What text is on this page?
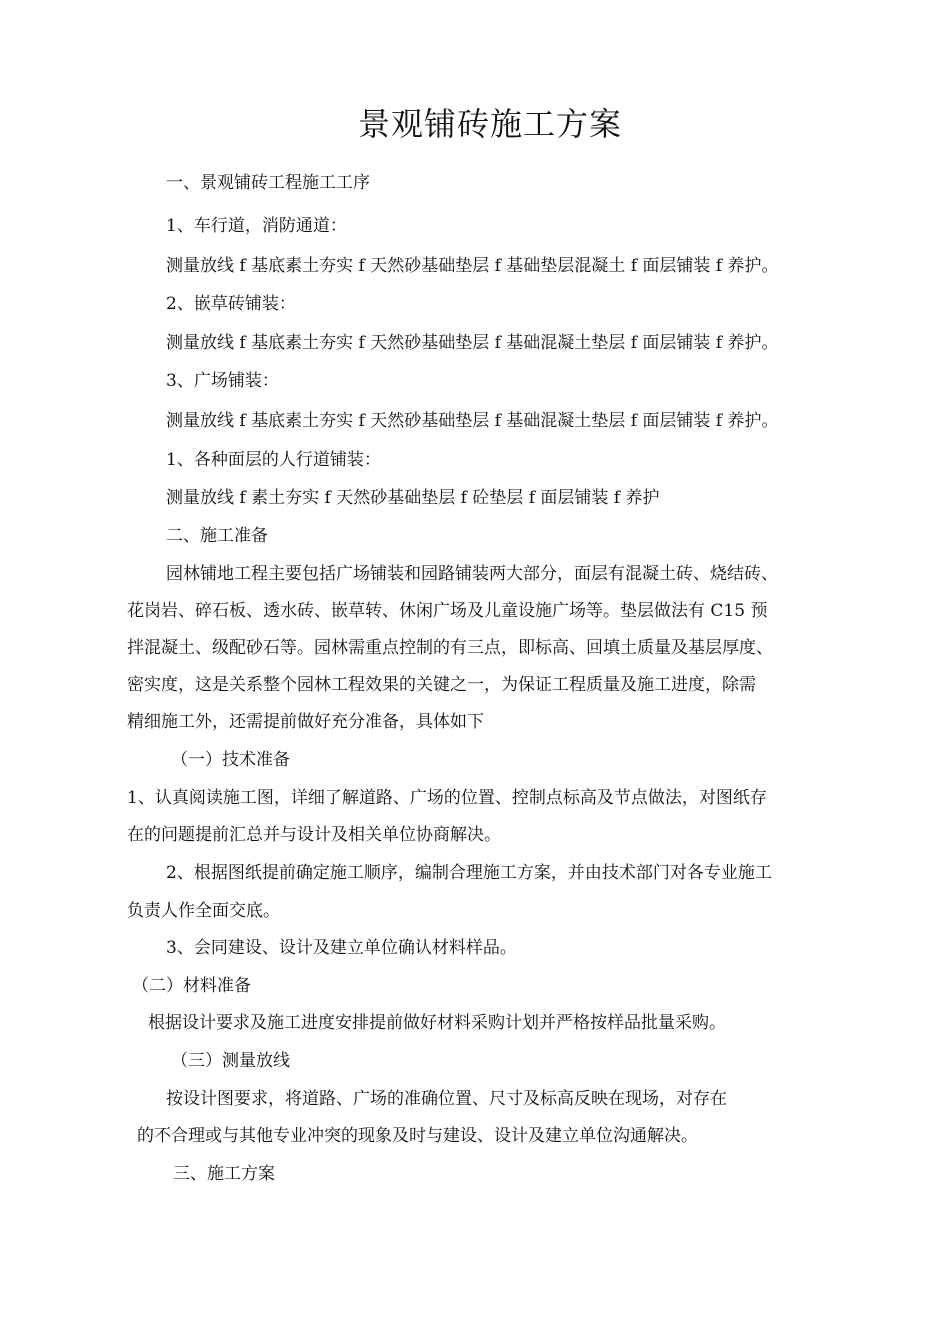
景观铺砖施工方案
一、景观铺砖工程施工工序
1、车行道，消防通道：
测量放线 f 基底素土夯实 f 天然砂基础垫层 f 基础垫层混凝土 f 面层铺装 f 养护。
2、嵌草砖铺装：
测量放线 f 基底素土夯实 f 天然砂基础垫层 f 基础混凝土垫层 f 面层铺装 f 养护。
3、广场铺装：
测量放线 f 基底素土夯实 f 天然砂基础垫层 f 基础混凝土垫层 f 面层铺装 f 养护。
1、各种面层的人行道铺装：
测量放线 f 素土夯实 f 天然砂基础垫层 f 砼垫层 f 面层铺装 f 养护
二、施工准备
园林铺地工程主要包括广场铺装和园路铺装两大部分，面层有混凝土砖、烧结砖、
花岗岩、碎石板、透水砖、嵌草转、休闲广场及儿童设施广场等。垫层做法有 C15 预
拌混凝土、级配砂石等。园林需重点控制的有三点，即标高、回填土质量及基层厚度、
密实度，这是关系整个园林工程效果的关键之一，为保证工程质量及施工进度，除需
精细施工外，还需提前做好充分准备，具体如下
（一）技术准备
1、认真阅读施工图，详细了解道路、广场的位置、控制点标高及节点做法，对图纸存
在的问题提前汇总并与设计及相关单位协商解决。
2、根据图纸提前确定施工顺序，编制合理施工方案，并由技术部门对各专业施工
负责人作全面交底。
3、会同建设、设计及建立单位确认材料样品。
（二）材料准备
根据设计要求及施工进度安排提前做好材料采购计划并严格按样品批量采购。
（三）测量放线
按设计图要求，将道路、广场的准确位置、尺寸及标高反映在现场，对存在
的不合理或与其他专业冲突的现象及时与建设、设计及建立单位沟通解决。
三、施工方案
